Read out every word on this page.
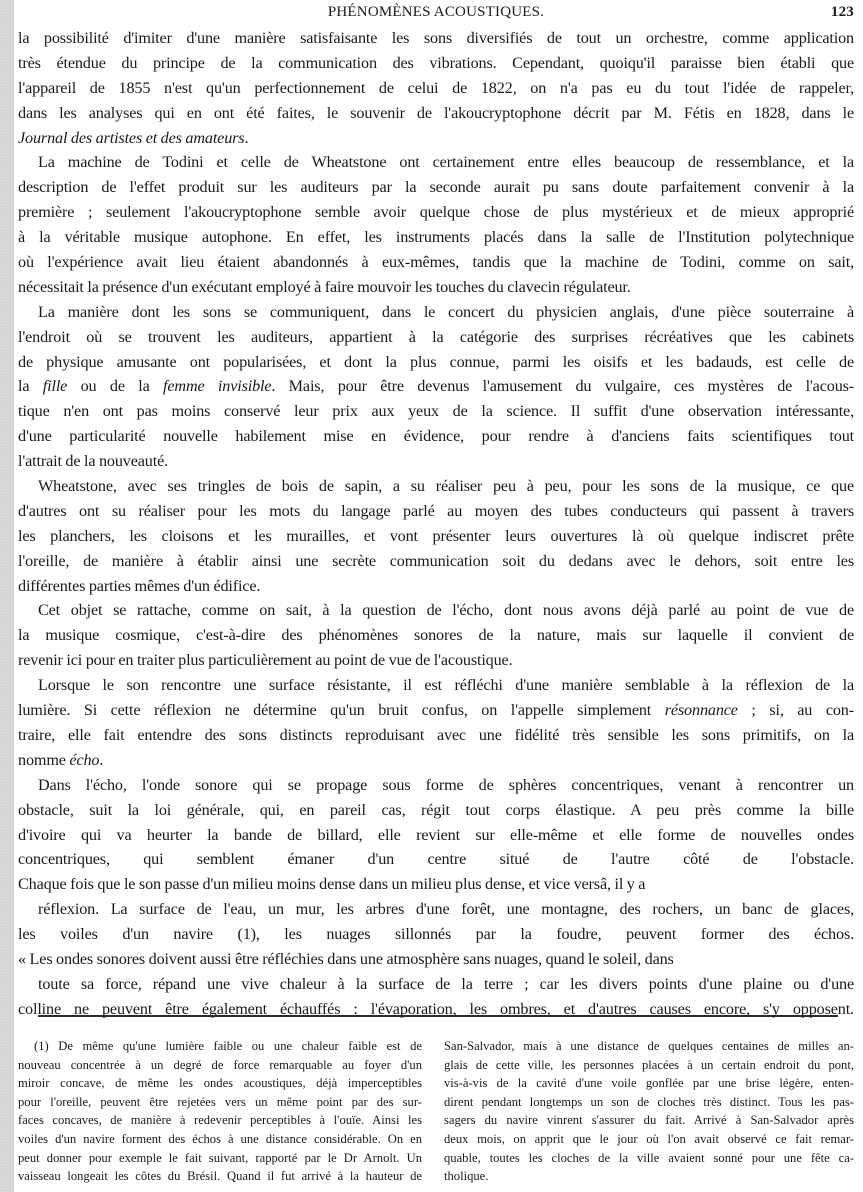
PHÉNOMÈNES ACOUSTIQUES.	123
la possibilité d'imiter d'une manière satisfaisante les sons diversifiés de tout un orchestre, comme application
très étendue du principe de la communication des vibrations. Cependant, quoiqu'il paraisse bien établi que
l'appareil de 1855 n'est qu'un perfectionnement de celui de 1822, on n'a pas eu du tout l'idée de rappeler,
dans les analyses qui en ont été faites, le souvenir de l'akoucryptophone décrit par M. Fétis en 1828, dans le
Journal des artistes et des amateurs.
La machine de Todini et celle de Wheatstone ont certainement entre elles beaucoup de ressemblance, et la
description de l'effet produit sur les auditeurs par la seconde aurait pu sans doute parfaitement convenir à la
première ; seulement l'akoucryptophone semble avoir quelque chose de plus mystérieux et de mieux approprié
à la véritable musique autophone. En effet, les instruments placés dans la salle de l'Institution polytechnique
où l'expérience avait lieu étaient abandonnés à eux-mêmes, tandis que la machine de Todini, comme on sait,
nécessitait la présence d'un exécutant employé à faire mouvoir les touches du clavecin régulateur.
La manière dont les sons se communiquent, dans le concert du physicien anglais, d'une pièce souterraine à
l'endroit où se trouvent les auditeurs, appartient à la catégorie des surprises récréatives que les cabinets
de physique amusante ont popularisées, et dont la plus connue, parmi les oisifs et les badauds, est celle de
la fille ou de la femme invisible. Mais, pour être devenus l'amusement du vulgaire, ces mystères de l'acous-
tique n'en ont pas moins conservé leur prix aux yeux de la science. Il suffit d'une observation intéressante,
d'une particularité nouvelle habilement mise en évidence, pour rendre à d'anciens faits scientifiques tout
l'attrait de la nouveauté.
Wheatstone, avec ses tringles de bois de sapin, a su réaliser peu à peu, pour les sons de la musique, ce que
d'autres ont su réaliser pour les mots du langage parlé au moyen des tubes conducteurs qui passent à travers
les planchers, les cloisons et les murailles, et vont présenter leurs ouvertures là où quelque indiscret prête
l'oreille, de manière à établir ainsi une secrète communication soit du dedans avec le dehors, soit entre les
différentes parties mêmes d'un édifice.
Cet objet se rattache, comme on sait, à la question de l'écho, dont nous avons déjà parlé au point de vue de
la musique cosmique, c'est-à-dire des phénomènes sonores de la nature, mais sur laquelle il convient de
revenir ici pour en traiter plus particulièrement au point de vue de l'acoustique.
Lorsque le son rencontre une surface résistante, il est réfléchi d'une manière semblable à la réflexion de la
lumière. Si cette réflexion ne détermine qu'un bruit confus, on l'appelle simplement résonnance ; si, au con-
traire, elle fait entendre des sons distincts reproduisant avec une fidélité très sensible les sons primitifs, on la
nomme écho.
Dans l'écho, l'onde sonore qui se propage sous forme de sphères concentriques, venant à rencontrer un
obstacle, suit la loi générale, qui, en pareil cas, régit tout corps élastique. A peu près comme la bille
d'ivoire qui va heurter la bande de billard, elle revient sur elle-même et elle forme de nouvelles ondes
concentriques, qui semblent émaner d'un centre situé de l'autre côté de l'obstacle.
Chaque fois que le son passe d'un milieu moins dense dans un milieu plus dense, et vice versâ, il y a
réflexion. La surface de l'eau, un mur, les arbres d'une forêt, une montagne, des rochers, un banc de glaces,
les voiles d'un navire (1), les nuages sillonnés par la foudre, peuvent former des échos.
« Les ondes sonores doivent aussi être réfléchies dans une atmosphère sans nuages, quand le soleil, dans
toute sa force, répand une vive chaleur à la surface de la terre ; car les divers points d'une plaine ou d'une
colline ne peuvent être également échauffés : l'évaporation, les ombres, et d'autres causes encore, s'y opposent.
(1) De même qu'une lumière faible ou une chaleur faible est de
nouveau concentrée à un degré de force remarquable au foyer d'un
miroir concave, de même les ondes acoustiques, déjà imperceptibles
pour l'oreille, peuvent être rejetées vers un même point par des sur-
faces concaves, de manière à redevenir perceptibles à l'ouïe. Ainsi les
voiles d'un navire forment des échos à une distance considérable. On en
peut donner pour exemple le fait suivant, rapporté par le Dr Arnolt. Un
vaisseau longeait les côtes du Brésil. Quand il fut arrivé à la hauteur de
San-Salvador, mais à une distance de quelques centaines de milles an-
glais de cette ville, les personnes placées à un certain endroit du pont,
vis-à-vis de la cavité d'une voile gonflée par une brise légère, enten-
dirent pendant longtemps un son de cloches très distinct. Tous les pas-
sagers du navire vinrent s'assurer du fait. Arrivé à San-Salvador après
deux mois, on apprit que le jour où l'on avait observé ce fait remar-
quable, toutes les cloches de la ville avaient sonné pour une fête ca-
tholique.
